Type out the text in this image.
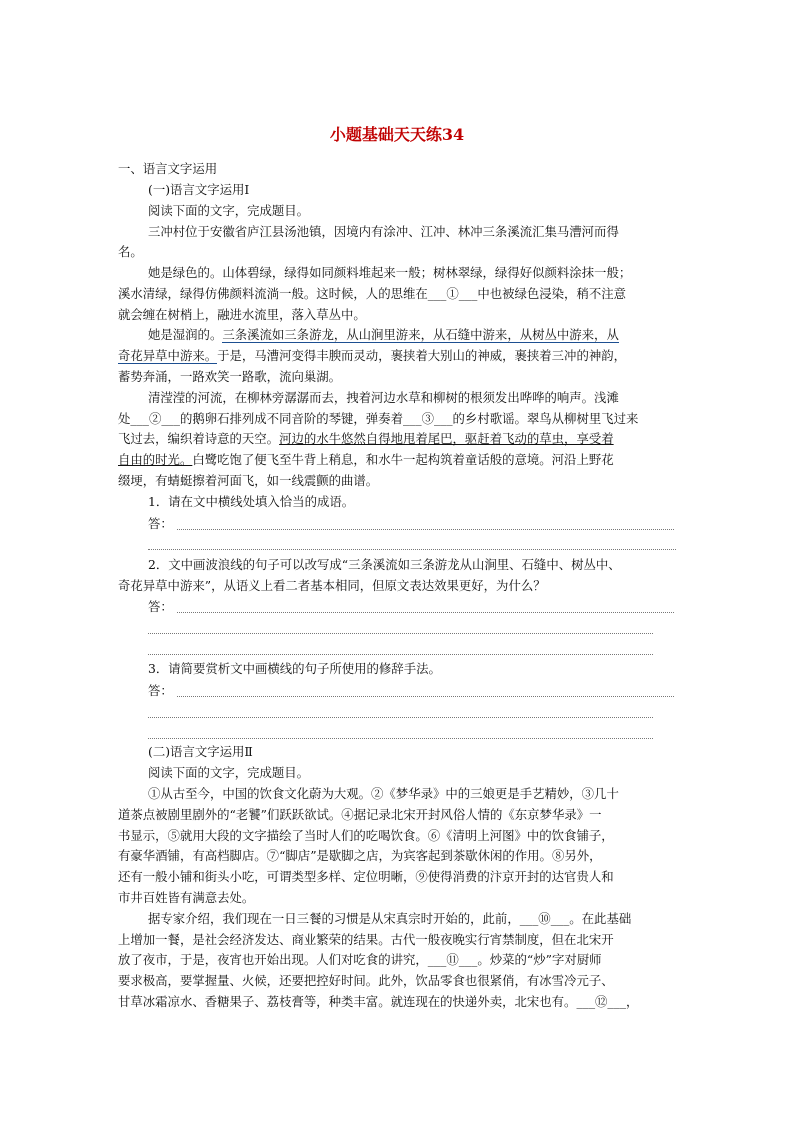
小题基础天天练34
一、语言文字运用
(一)语言文字运用Ⅰ
阅读下面的文字，完成题目。
三冲村位于安徽省庐江县汤池镇，因境内有涂冲、江冲、林冲三条溪流汇集马漕河而得
名。
她是绿色的。山体碧绿，绿得如同颜料堆起来一般；树林翠绿，绿得好似颜料涂抹一般；
溪水清绿，绿得仿佛颜料流淌一般。这时候，人的思维在___①___中也被绿色浸染，稍不注意
就会缠在树梢上，融进水流里，落入草丛中。
她是湿润的。三条溪流如三条游龙，从山涧里游来，从石缝中游来，从树丛中游来，从
奇花异草中游来。于是，马漕河变得丰腴而灵动，裹挟着大别山的神威，裹挟着三冲的神韵，
蓄势奔涌，一路欢笑一路歌，流向巢湖。
清滢滢的河流，在柳林旁潺潺而去，拽着河边水草和柳树的根须发出哗哗的响声。浅滩
处___②___的鹅卵石排列成不同音阶的琴键，弹奏着___③___的乡村歌谣。翠鸟从柳树里飞过来
飞过去，编织着诗意的天空。河边的水牛悠然自得地甩着尾巴，驱赶着飞动的草虫，享受着
自由的时光。白鹭吃饱了便飞至牛背上稍息，和水牛一起构筑着童话般的意境。河沿上野花
缀埂，有蜻蜓擦着河面飞，如一线震颤的曲谱。
1．请在文中横线处填入恰当的成语。
答：
2．文中画波浪线的句子可以改写成“三条溪流如三条游龙从山涧里、石缝中、树丛中、
奇花异草中游来”，从语义上看二者基本相同，但原文表达效果更好，为什么？
答：
3．请简要赏析文中画横线的句子所使用的修辞手法。
答：
(二)语言文字运用Ⅱ
阅读下面的文字，完成题目。
①从古至今，中国的饮食文化蔚为大观。②《梦华录》中的三娘更是手艺精妙，③几十
道茶点被剧里剧外的“老饕”们跃跃欲试。④据记录北宋开封风俗人情的《东京梦华录》一
书显示，⑤就用大段的文字描绘了当时人们的吃喝饮食。⑥《清明上河图》中的饮食铺子，
有豪华酒铺，有高档脚店。⑦“脚店”是歇脚之店，为宾客起到茶歇休闲的作用。⑧另外，
还有一般小铺和街头小吃，可谓类型多样、定位明晰，⑨使得消费的汴京开封的达官贵人和
市井百姓皆有满意去处。
据专家介绍，我们现在一日三餐的习惯是从宋真宗时开始的，此前，___⑩___。在此基础
上增加一餐，是社会经济发达、商业繁荣的结果。古代一般夜晚实行宵禁制度，但在北宋开
放了夜市，于是，夜宵也开始出现。人们对吃食的讲究，___⑪___。炒菜的“炒”字对厨师
要求极高，要掌握量、火候，还要把控好时间。此外，饮品零食也很紧俏，有冰雪冷元子、
甘草冰霜凉水、香糖果子、荔枝膏等，种类丰富。就连现在的快递外卖，北宋也有。___⑫___，
